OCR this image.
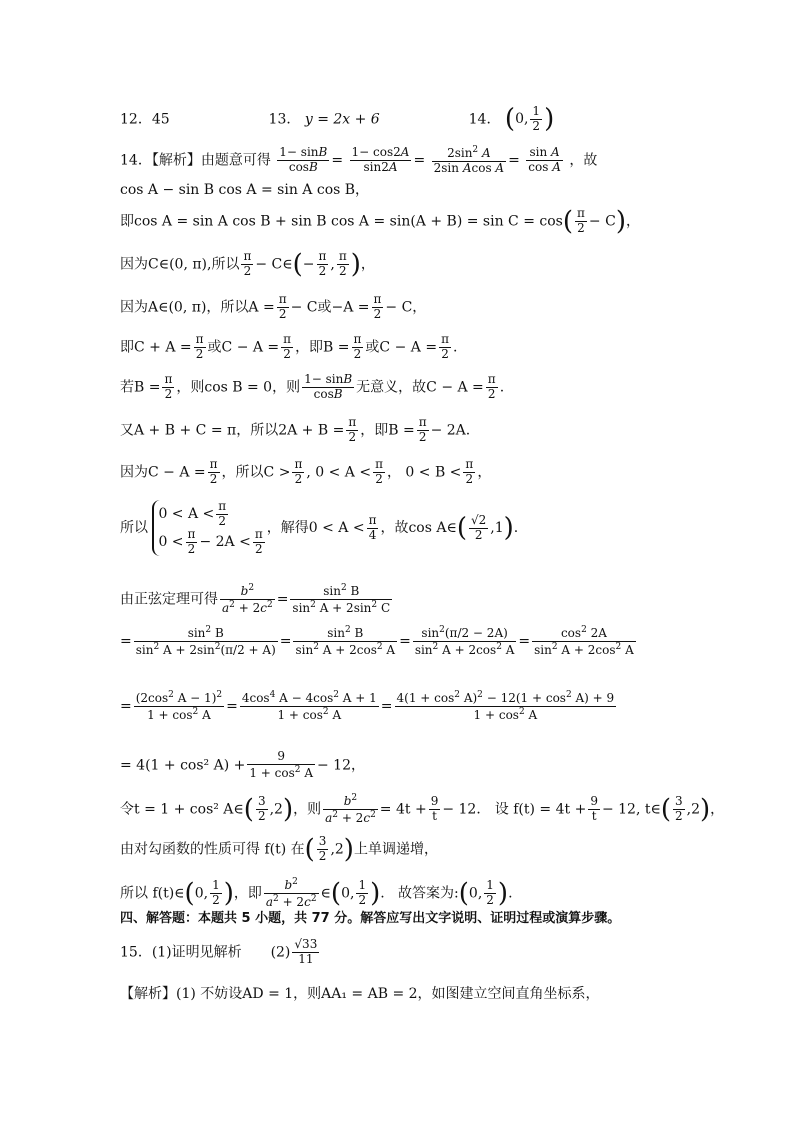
12．45	13． y = 2x + 6	14． (0, $\frac{1}{2}$ )
14．【解析】由题意可得 $\frac{1- \sin B}{\cos B} = \frac{1- \cos 2A}{\sin 2A} = \frac{2\sin^2 A}{\text{2sin Acos A}} = \frac{\text{sin A}}{\text{cos A}}$ ，故
cos A − sin B cos A = sin A cos B，
即cos A = sin A cos B + sin B $\cos A = \sin(A + B) = \sin C = \cos( \frac{\pi}{2} - C)$，
因为C∈(0, π),所以 $\frac{\pi}{2}$ − C∈(− $\frac{\pi}{2}$ , $\frac{\pi}{2}$ )，
因为A∈(0, π)，所以$A = \frac{\pi}{2} - C$或$-A = \frac{\pi}{2} - C$，
即$C + A = \frac{\pi}{2}$ 或$C - A = \frac{\pi}{2}$ ，即$B = \frac{\pi}{2}$ 或$C - A = \frac{\pi}{2}$ .
若$B = \frac{\pi}{2}$ ，则cos B = 0，则 $\frac{1- \sin B}{\cos B}$ 无意义，故$C - A = \frac{\pi}{2}$ .
又A + B + C = π，所以$2A + B = \frac{\pi}{2}$ ，即$B = \frac{\pi}{2} - 2A$.
因为$C - A = \frac{\pi}{2}$ ，所以$C > \frac{\pi}{2}$ , $0 < A < \frac{\pi}{2}$ ， $0 < B < \frac{\pi}{2}$ ，
所以
$0 < A < \frac{\pi}{2}$
$0 < \frac{\pi}{2} - 2A < \frac{\pi}{2}$ ，解得$0 < A < \frac{\pi}{4}$ ，故cos A∈( $\frac{√2}{2} ,1$).
由正弦定理可得 $\frac{b^2}{a^2 + 2c^2} = \frac{\sin^2 B}{\sin^2 A + 2\sin^2 C}$
= $\frac{\sin^2 B}{\sin^2 A + 2\sin^2(\pi/2 + A)} = \frac{\sin^2 B}{\sin^2 A + 2\cos^2 A} = \frac{\sin^2(\pi/2 - 2A)}{\sin^2 A + 2\cos^2 A} = \frac{\cos^2 2A}{\sin^2 A + 2\cos^2 A}$
= $\frac{(2\cos^2 A - 1)^2}{1 + \cos^2 A} = \frac{4\cos^4 A - 4\cos^2 A + 1}{1 + \cos^2 A} = \frac{4(1 + \cos^2 A)^2 - 12(1 + \cos^2 A) + 9}{1 + \cos^2 A}$
= 4(1 + cos² $A) + \frac{9}{1 + \cos^2 A} - 12$，
令t = 1 + cos² A∈( $\frac{3}{2} ,2$)，则 $\frac{b^2}{a^2 + 2c^2} = 4t + \frac{9}{t} - 12$． 设 $f(t) = 4t + \frac{9}{t} - 12$, t∈( $\frac{3}{2} ,2$)，
由对勾函数的性质可得 f(t) 在( $\frac{3}{2} ,2$)上单调递增，
所以 f(t)∈(0, $\frac{1}{2}$ )，即 $\frac{b^2}{a^2 + 2c^2}$ ∈(0, $\frac{1}{2}$ ).   故答案为:(0, $\frac{1}{2}$ ).
四、解答题：本题共 5 小题，共 77 分。解答应写出文字说明、证明过程或演算步骤。
15．(1)证明见解析 $(2) \frac{√33}{11}$
【解析】(1) 不妨设AD = 1，则AA₁ = AB = 2，如图建立空间直角坐标系，
